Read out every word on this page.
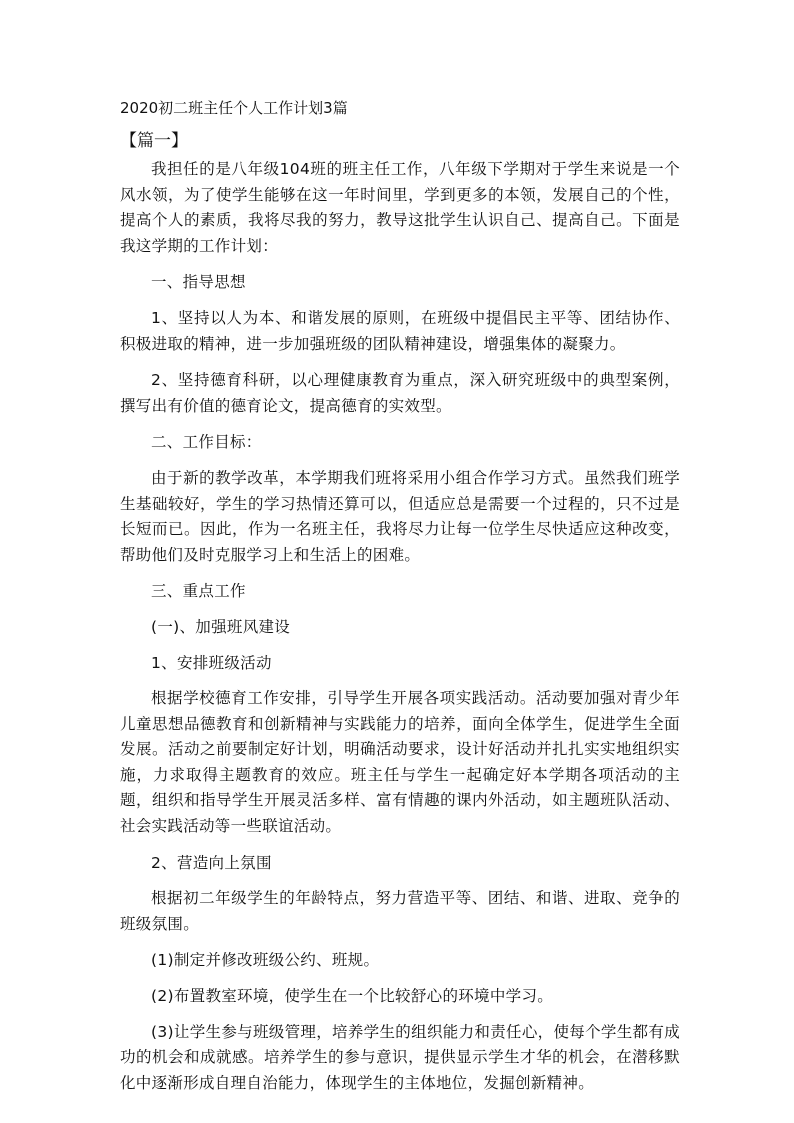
2020初二班主任个人工作计划3篇
【篇一】

我担任的是八年级104班的班主任工作，八年级下学期对于学生来说是一个风水领，为了使学生能够在这一年时间里，学到更多的本领，发展自己的个性，提高个人的素质，我将尽我的努力，教导这批学生认识自己、提高自己。下面是我这学期的工作计划：

一、指导思想

1、坚持以人为本、和谐发展的原则，在班级中提倡民主平等、团结协作、积极进取的精神，进一步加强班级的团队精神建设，增强集体的凝聚力。

2、坚持德育科研，以心理健康教育为重点，深入研究班级中的典型案例，撰写出有价值的德育论文，提高德育的实效型。

二、工作目标：

由于新的教学改革，本学期我们班将采用小组合作学习方式。虽然我们班学生基础较好，学生的学习热情还算可以，但适应总是需要一个过程的，只不过是长短而已。因此，作为一名班主任，我将尽力让每一位学生尽快适应这种改变，帮助他们及时克服学习上和生活上的困难。

三、重点工作

(一)、加强班风建设

1、安排班级活动

根据学校德育工作安排，引导学生开展各项实践活动。活动要加强对青少年儿童思想品德教育和创新精神与实践能力的培养，面向全体学生，促进学生全面发展。活动之前要制定好计划，明确活动要求，设计好活动并扎扎实实地组织实施，力求取得主题教育的效应。班主任与学生一起确定好本学期各项活动的主题，组织和指导学生开展灵活多样、富有情趣的课内外活动，如主题班队活动、社会实践活动等一些联谊活动。

2、营造向上氛围

根据初二年级学生的年龄特点，努力营造平等、团结、和谐、进取、竞争的班级氛围。

(1)制定并修改班级公约、班规。

(2)布置教室环境，使学生在一个比较舒心的环境中学习。

(3)让学生参与班级管理，培养学生的组织能力和责任心，使每个学生都有成功的机会和成就感。培养学生的参与意识，提供显示学生才华的机会，在潜移默化中逐渐形成自理自治能力，体现学生的主体地位，发掘创新精神。
